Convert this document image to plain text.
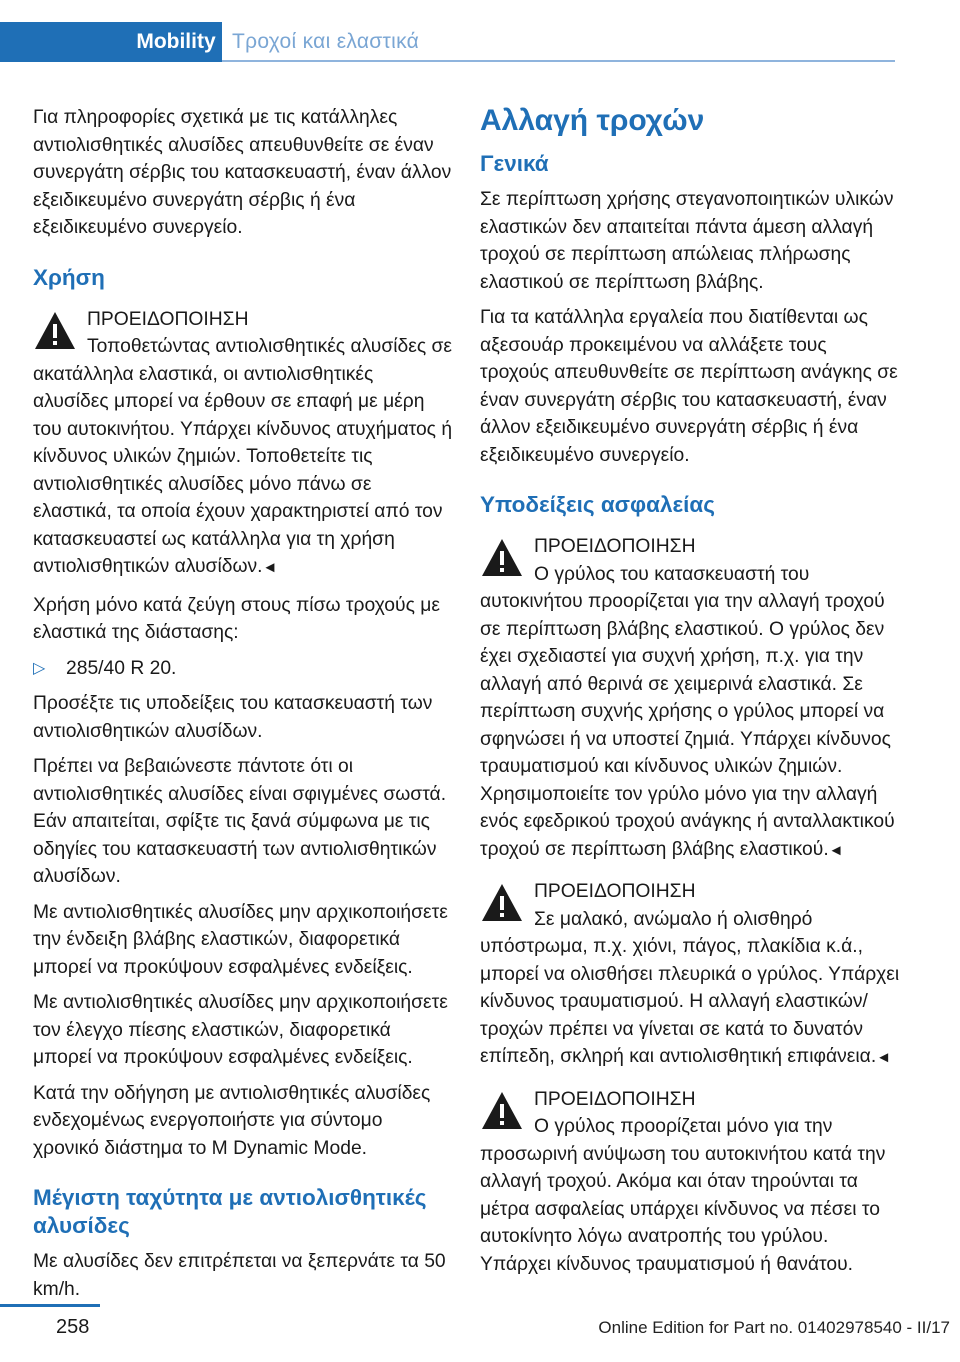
Mobility Τροχοί και ελαστικά

Για πληροφορίες σχετικά με τις κατάλληλες αντιολισθητικές αλυσίδες απευθυνθείτε σε έναν συνεργάτη σέρβις του κατασκευαστή, έναν άλλον εξειδικευμένο συνεργάτη σέρβις ή ένα εξειδικευμένο συνεργείο.

Χρήση
ΠΡΟΕΙΔΟΠΟΙΗΣΗ
Τοποθετώντας αντιολισθητικές αλυσίδες σε ακατάλληλα ελαστικά, οι αντιολισθητικές αλυσίδες μπορεί να έρθουν σε επαφή με μέρη του αυτοκινήτου. Υπάρχει κίνδυνος ατυχήματος ή κίνδυνος υλικών ζημιών. Τοποθετείτε τις αντιολισθητικές αλυσίδες μόνο πάνω σε ελαστικά, τα οποία έχουν χαρακτηριστεί από τον κατασκευαστεί ως κατάλληλα για τη χρήση αντιολισθητικών αλυσίδων.◄

Χρήση μόνο κατά ζεύγη στους πίσω τροχούς με ελαστικά της διάστασης:

▷ 285/40 R 20.

Προσέξτε τις υποδείξεις του κατασκευαστή των αντιολισθητικών αλυσίδων.

Πρέπει να βεβαιώνεστε πάντοτε ότι οι αντιολισθητικές αλυσίδες είναι σφιγμένες σωστά. Εάν απαιτείται, σφίξτε τις ξανά σύμφωνα με τις οδηγίες του κατασκευαστή των αντιολισθητικών αλυσίδων.

Με αντιολισθητικές αλυσίδες μην αρχικοποιήσετε την ένδειξη βλάβης ελαστικών, διαφορετικά μπορεί να προκύψουν εσφαλμένες ενδείξεις.

Με αντιολισθητικές αλυσίδες μην αρχικοποιήσετε τον έλεγχο πίεσης ελαστικών, διαφορετικά μπορεί να προκύψουν εσφαλμένες ενδείξεις.

Κατά την οδήγηση με αντιολισθητικές αλυσίδες ενδεχομένως ενεργοποιήστε για σύντομο χρονικό διάστημα το M Dynamic Mode.

Μέγιστη ταχύτητα με αντιολισθητικές αλυσίδες

Με αλυσίδες δεν επιτρέπεται να ξεπερνάτε τα 50 km/h.

Αλλαγή τροχών
Γενικά

Σε περίπτωση χρήσης στεγανοποιητικών υλικών ελαστικών δεν απαιτείται πάντα άμεση αλλαγή τροχού σε περίπτωση απώλειας πλήρωσης ελαστικού σε περίπτωση βλάβης.

Για τα κατάλληλα εργαλεία που διατίθενται ως αξεσουάρ προκειμένου να αλλάξετε τους τροχούς απευθυνθείτε σε περίπτωση ανάγκης σε έναν συνεργάτη σέρβις του κατασκευαστή, έναν άλλον εξειδικευμένο συνεργάτη σέρβις ή ένα εξειδικευμένο συνεργείο.

Υποδείξεις ασφαλείας
ΠΡΟΕΙΔΟΠΟΙΗΣΗ
Ο γρύλος του κατασκευαστή του αυτοκινήτου προορίζεται για την αλλαγή τροχού σε περίπτωση βλάβης ελαστικού. Ο γρύλος δεν έχει σχεδιαστεί για συχνή χρήση, π.χ. για την αλλαγή από θερινά σε χειμερινά ελαστικά. Σε περίπτωση συχνής χρήσης ο γρύλος μπορεί να σφηνώσει ή να υποστεί ζημιά. Υπάρχει κίνδυνος τραυματισμού και κίνδυνος υλικών ζημιών. Χρησιμοποιείτε τον γρύλο μόνο για την αλλαγή ενός εφεδρικού τροχού ανάγκης ή ανταλλακτικού τροχού σε περίπτωση βλάβης ελαστικού.◄
ΠΡΟΕΙΔΟΠΟΙΗΣΗ
Σε μαλακό, ανώμαλο ή ολισθηρό υπόστρωμα, π.χ. χιόνι, πάγος, πλακίδια κ.ά., μπορεί να ολισθήσει πλευρικά ο γρύλος. Υπάρχει κίνδυνος τραυματισμού. Η αλλαγή ελαστικών/τροχών πρέπει να γίνεται σε κατά το δυνατόν επίπεδη, σκληρή και αντιολισθητική επιφάνεια.◄
ΠΡΟΕΙΔΟΠΟΙΗΣΗ
Ο γρύλος προορίζεται μόνο για την προσωρινή ανύψωση του αυτοκινήτου κατά την αλλαγή τροχού. Ακόμα και όταν τηρούνται τα μέτρα ασφαλείας υπάρχει κίνδυνος να πέσει το αυτοκίνητο λόγω ανατροπής του γρύλου. Υπάρχει κίνδυνος τραυματισμού ή θανάτου.
258	Online Edition for Part no. 01402978540 - II/17
